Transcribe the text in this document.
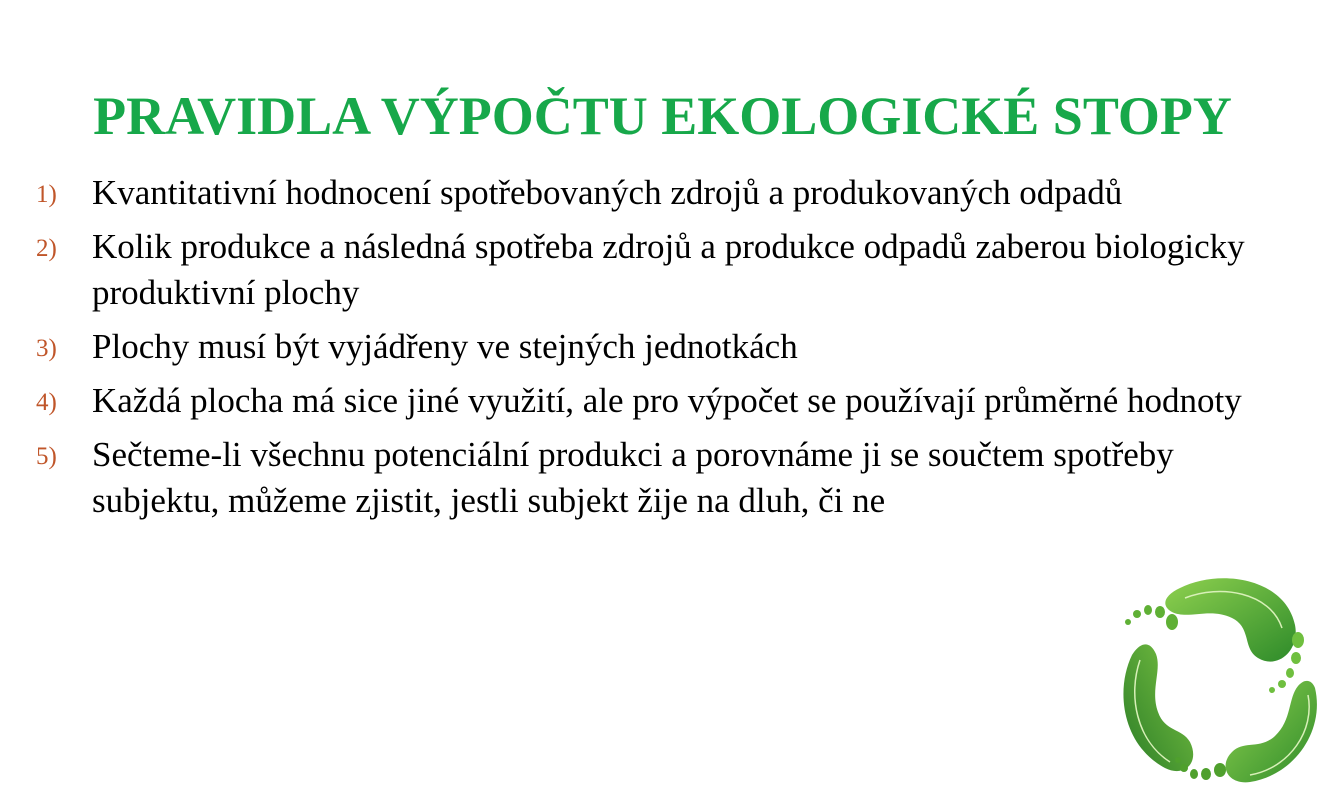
PRAVIDLA VÝPOČTU EKOLOGICKÉ STOPY
1) Kvantitativní hodnocení spotřebovaných zdrojů a produkovaných odpadů
2) Kolik produkce a následná spotřeba zdrojů a produkce odpadů zaberou biologicky produktivní plochy
3) Plochy musí být vyjádřeny ve stejných jednotkách
4) Každá plocha má sice jiné využití, ale pro výpočet se používají průměrné hodnoty
5) Sečteme-li všechnu potenciální produkci a porovnáme ji se součtem spotřeby subjektu, můžeme zjistit, jestli subjekt žije na dluh, či ne
